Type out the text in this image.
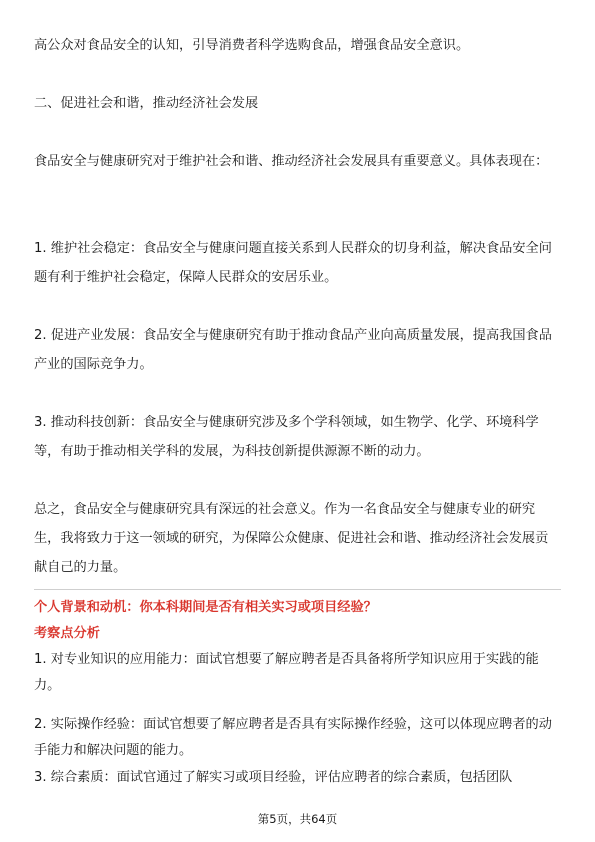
高公众对食品安全的认知，引导消费者科学选购食品，增强食品安全意识。

二、促进社会和谐，推动经济社会发展

食品安全与健康研究对于维护社会和谐、推动经济社会发展具有重要意义。具体表现在：

1. 维护社会稳定：食品安全与健康问题直接关系到人民群众的切身利益，解决食品安全问题有利于维护社会稳定，保障人民群众的安居乐业。

2. 促进产业发展：食品安全与健康研究有助于推动食品产业向高质量发展，提高我国食品产业的国际竞争力。

3. 推动科技创新：食品安全与健康研究涉及多个学科领域，如生物学、化学、环境科学等，有助于推动相关学科的发展，为科技创新提供源源不断的动力。

总之，食品安全与健康研究具有深远的社会意义。作为一名食品安全与健康专业的研究生，我将致力于这一领域的研究，为保障公众健康、促进社会和谐、推动经济社会发展贡献自己的力量。

个人背景和动机：你本科期间是否有相关实习或项目经验？

考察点分析

1. 对专业知识的应用能力：面试官想要了解应聘者是否具备将所学知识应用于实践的能力。

2. 实际操作经验：面试官想要了解应聘者是否具有实际操作经验，这可以体现应聘者的动手能力和解决问题的能力。

3. 综合素质：面试官通过了解实习或项目经验，评估应聘者的综合素质，包括团队

第5页，共64页
